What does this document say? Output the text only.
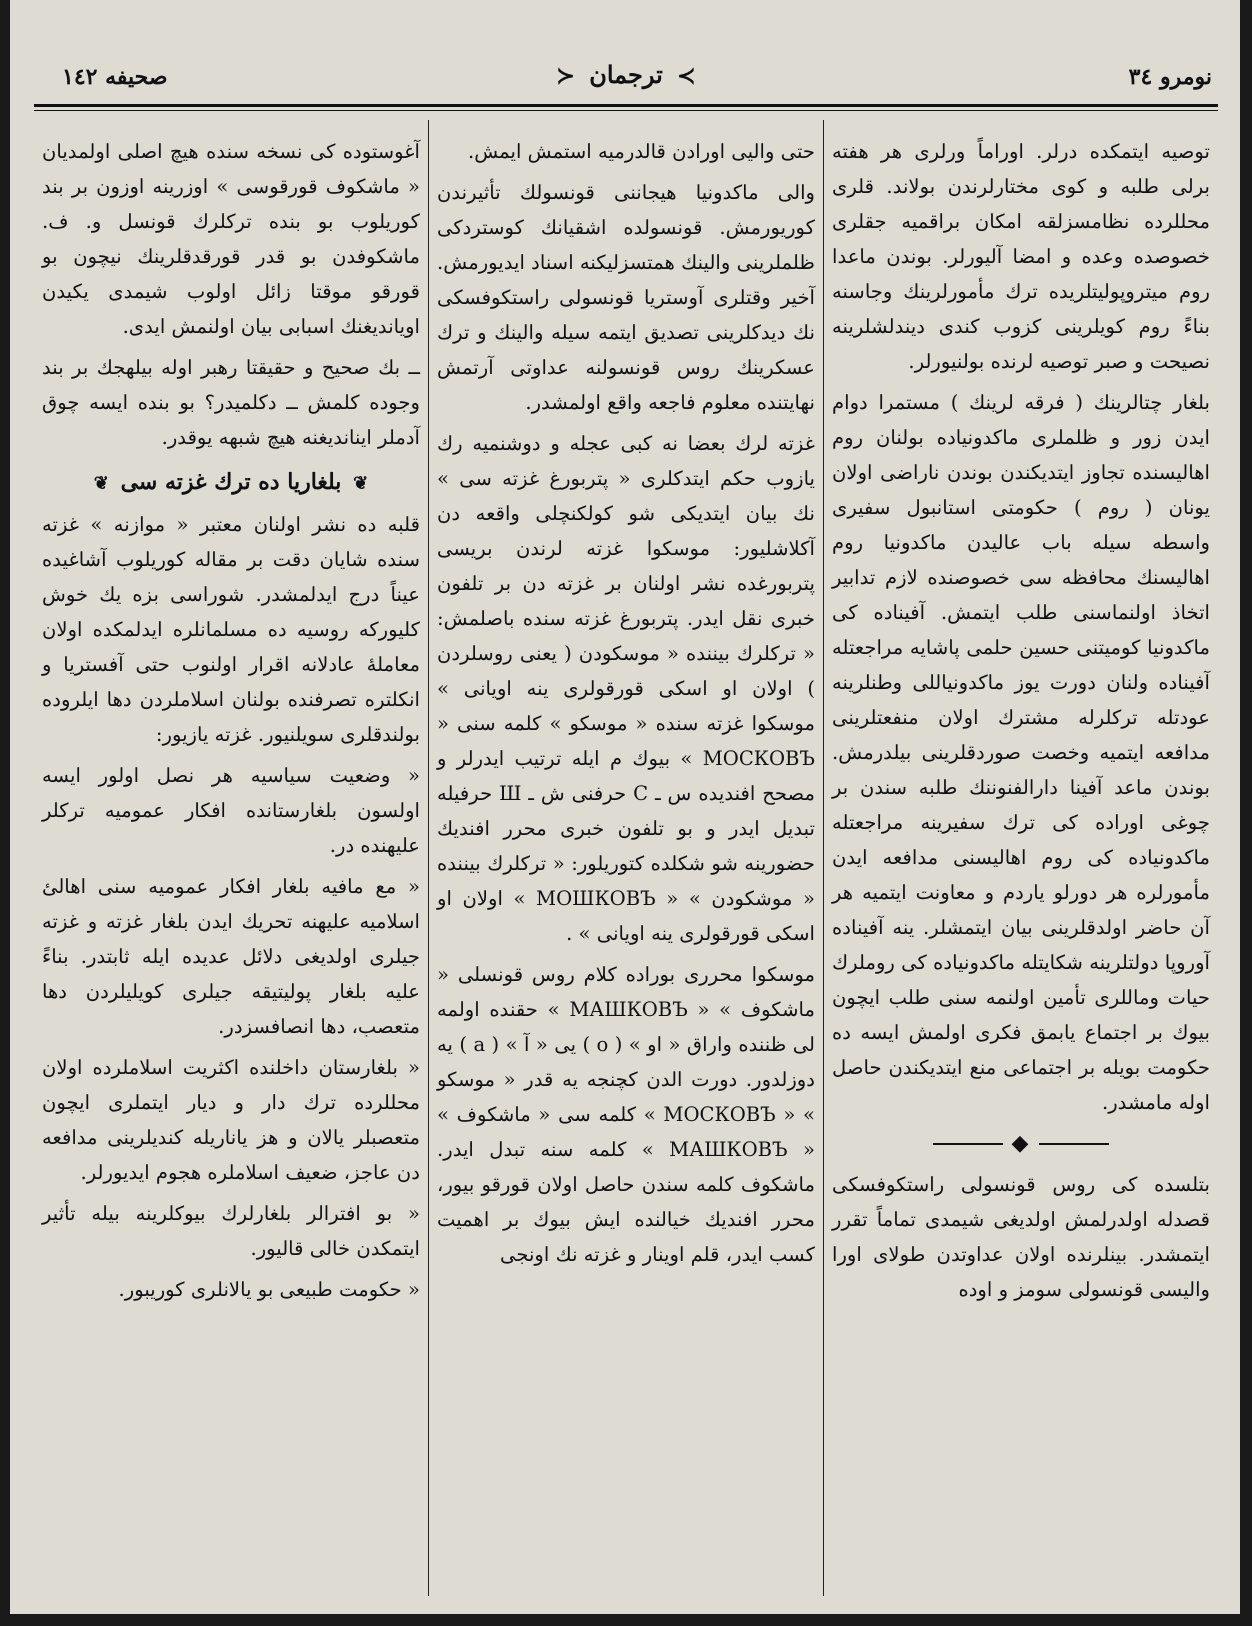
نومرو ٣٤
≻ ترجمان ≺
صحيفه ١٤٢

توصيه ايتمكده درلر. اوراماً ورلرى هر هفته برلى طلبه و كوى مختارلرندن بولاند. قلرى محللرده نظامسزلقه امكان براقميه جقلرى خصوصده وعده و امضا آليورلر. بوندن ماعدا روم ميتروپوليتلريده ترك مأمورلرينك وجاسنه بناءً روم كويلرينى كزوب كندى ديندلشلرينه نصيحت و صبر توصيه لرنده بولنيورلر.

بلغار چتالرينك ( فرقه لرينك ) مستمرا دوام ايدن زور و ظلملرى ماكدونياده بولنان روم اهاليسنده تجاوز ايتديكندن بوندن ناراضى اولان يونان ( روم ) حكومتى استانبول سفيرى واسطه سيله باب عاليدن ماكدونيا روم اهاليسنك محافظه سى خصوصنده لازم تدابير اتخاذ اولنماسنى طلب ايتمش. آفيناده كى ماكدونيا كوميتنى حسين حلمى پاشايه مراجعتله آفيناده ولنان دورت يوز ماكدونياللى وطنلرينه عودتله تركلرله مشترك اولان منفعتلرينى مدافعه ايتميه وخصت صوردقلرينى بيلدرمش. بوندن ماعد آفينا دارالفنوننك طلبه سندن بر چوغى اوراده كى ترك سفيرينه مراجعتله ماكدونياده كى روم اهاليسنى مدافعه ايدن مأمورلره هر دورلو ياردم و معاونت ايتميه هر آن حاضر اولدقلرينى بيان ايتمشلر. ينه آفيناده آوروپا دولتلرينه شكايتله ماكدونياده كى روملرك حيات وماللرى تأمين اولنمه سنى طلب ايچون بيوك بر اجتماع يابمق فكرى اولمش ايسه ده حكومت بويله بر اجتماعى منع ايتديكندن حاصل اوله مامشدر.

◆

بتلسده كى روس قونسولى راستكوفسكى قصدله اولدرلمش اولديغى شيمدى تماماً تقرر ايتمشدر. بينلرنده اولان عداوتدن طولاى اورا واليسى قونسولى سومز و اوده

حتى واليى اورادن قالدرميه استمش ايمش.

والى ماكدونيا هيجاننى قونسولك تأثيرندن كوريورمش. قونسولده اشقيانك كوستردكى ظلملرينى والينك همتسزليكنه اسناد ايديورمش. آخير وقتلرى آوستريا قونسولى راستكوفسكى نك ديدكلرينى تصديق ايتمه سيله والينك و ترك عسكرينك روس قونسولنه عداوتى آرتمش نهايتنده معلوم فاجعه واقع اولمشدر.

غزته لرك بعضا نه كبى عجله و دوشنميه رك يازوب حكم ايتدكلرى « پتربورغ غزته سى » نك بيان ايتديكى شو كولكنچلى واقعه دن آكلاشليور: موسكوا غزته لرندن بريسى پتربورغده نشر اولنان بر غزته دن بر تلفون خبرى نقل ايدر. پتربورغ غزته سنده باصلمش: « تركلرك بيننده « موسكودن ( يعنى روسلردن ) اولان او اسكى قورقولرى ينه اويانى » موسكوا غزته سنده « موسكو » كلمه سنى « МОСКОВЪ » بيوك م ايله ترتيب ايدرلر و مصحح افنديده س ـ С حرفنى ش ـ Ш حرفيله تبديل ايدر و بو تلفون خبرى محرر افنديك حضورينه شو شكلده كتوريلور: « تركلرك بيننده « موشكودن » « МОШКОВЪ » اولان او اسكى قورقولرى ينه اويانى » .

موسكوا محررى بوراده كلام روس قونسلى « ماشكوف » « МАШКОВЪ » حقنده اولمه لى ظننده واراق « او » ( о ) يى « آ » ( а ) يه دوزلدور. دورت الدن كچنجه يه قدر « موسكو » « МОСКОВЪ » كلمه سى « ماشكوف » « МАШКОВЪ » كلمه سنه تبدل ايدر. ماشكوف كلمه سندن حاصل اولان قورقو بيور، محرر افنديك خيالنده ايش بيوك بر اهميت كسب ايدر، قلم اوينار و غزته نك اونجى

آغوستوده كى نسخه سنده هيچ اصلى اولمديان « ماشكوف قورقوسى » اوزرينه اوزون بر بند كوريلوب بو بنده تركلرك قونسل و. ف. ماشكوفدن بو قدر قورقدقلرينك نيچون بو قورقو موقتا زائل اولوب شيمدى يكيدن اويانديغنك اسبابى بيان اولنمش ايدى.

ــ بك صحيح و حقيقتا رهبر اوله بيلهجك بر بند وجوده كلمش ــ دكلميدر؟ بو بنده ايسه چوق آدملر اينانديغنه هيچ شبهه يوقدر.

❦ بلغاريا ده ترك غزته سى ❦

قلبه ده نشر اولنان معتبر « موازنه » غزته سنده شايان دقت بر مقاله كوريلوب آشاغيده عيناً درج ايدلمشدر. شوراسى بزه يك خوش كليوركه روسيه ده مسلمانلره ايدلمكده اولان معاملهٔ عادلانه اقرار اولنوب حتى آفستريا و انكلتره تصرفنده بولنان اسلاملردن دها ايلروده بولندقلرى سويلنيور. غزته يازيور:

« وضعيت سياسيه هر نصل اولور ايسه اولسون بلغارستانده افكار عموميه تركلر عليهنده در.

« مع مافيه بلغار افكار عموميه سنى اهالئ اسلاميه عليهنه تحريك ايدن بلغار غزته و غزته جيلرى اولديغى دلائل عديده ايله ثابتدر. بناءً عليه بلغار پوليتيقه جيلرى كويليلردن دها متعصب، دها انصافسزدر.

« بلغارستان داخلنده اكثريت اسلاملرده اولان محللرده ترك دار و ديار ايتملرى ايچون متعصبلر يالان و هز ياناريله كنديلرينى مدافعه دن عاجز، ضعيف اسلاملره هجوم ايديورلر.

« بو افترالر بلغارلرك بيوكلرينه بيله تأثير ايتمكدن خالى قاليور.

« حكومت طبيعى بو يالانلرى كوريبور.
